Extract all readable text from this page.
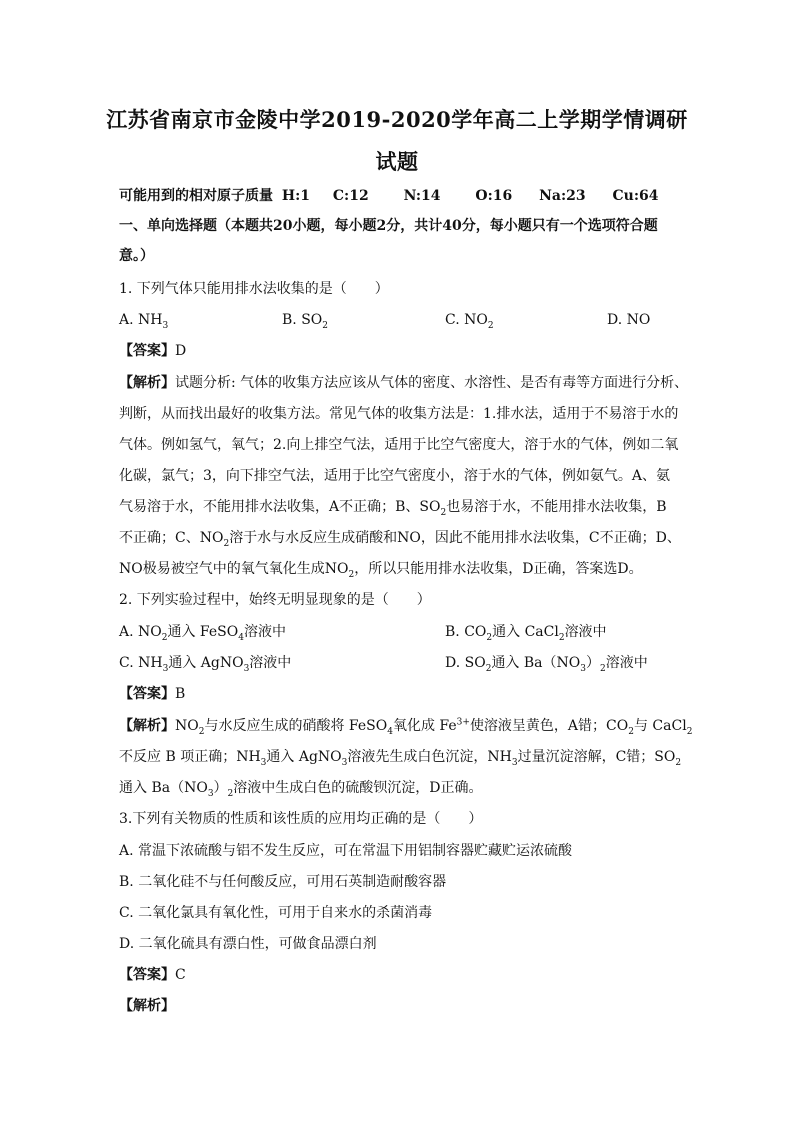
江苏省南京市金陵中学2019-2020学年高二上学期学情调研
试题
可能用到的相对原子质量 H:1 C:12 N:14 O:16 Na:23 Cu:64
一、单向选择题（本题共20小题，每小题2分，共计40分，每小题只有一个选项符合题
意。）
1. 下列气体只能用排水法收集的是（　　）
A. $NH_3$	B. $SO_2$	C. $NO_2$	D. NO
【答案】D
【解析】试题分析: 气体的收集方法应该从气体的密度、水溶性、是否有毒等方面进行分析、
判断，从而找出最好的收集方法。常见气体的收集方法是：1.排水法，适用于不易溶于水的
气体。例如氢气，氧气；2.向上排空气法，适用于比空气密度大，溶于水的气体，例如二氧
化碳，氯气；3，向下排空气法，适用于比空气密度小，溶于水的气体，例如氨气。A、氨
气易溶于水，不能用排水法收集，A不正确；B、$SO_2$也易溶于水，不能用排水法收集，B
不正确；C、$NO_2$溶于水与水反应生成硝酸和NO，因此不能用排水法收集，C不正确；D、
NO极易被空气中的氧气氧化生成$NO_2$，所以只能用排水法收集，D正确，答案选D。
2. 下列实验过程中，始终无明显现象的是（　　）
A. $NO_2$通入 FeSO$_4$溶液中	B. $CO_2$通入 CaCl$_2$溶液中
C. $NH_3$通入 AgNO$_3$溶液中	D. $SO_2$通入 $Ba(NO_3)_2$溶液中
【答案】B
【解析】$NO_2$与水反应生成的硝酸将 FeSO$_4$氧化成 $Fe^{3+}$使溶液呈黄色，A错；$CO_2$与 CaCl$_2$
不反应 B 项正确；$NH_3$通入 AgNO$_3$溶液先生成白色沉淀，$NH_3$过量沉淀溶解，C错；$SO_2$
通入 $Ba(NO_3)_2$溶液中生成白色的硫酸钡沉淀，D正确。
3.下列有关物质的性质和该性质的应用均正确的是（　　）
A. 常温下浓硫酸与铝不发生反应，可在常温下用铝制容器贮藏贮运浓硫酸
B. 二氧化硅不与任何酸反应，可用石英制造耐酸容器
C. 二氧化氯具有氧化性，可用于自来水的杀菌消毒
D. 二氧化硫具有漂白性，可做食品漂白剂
【答案】C
【解析】
